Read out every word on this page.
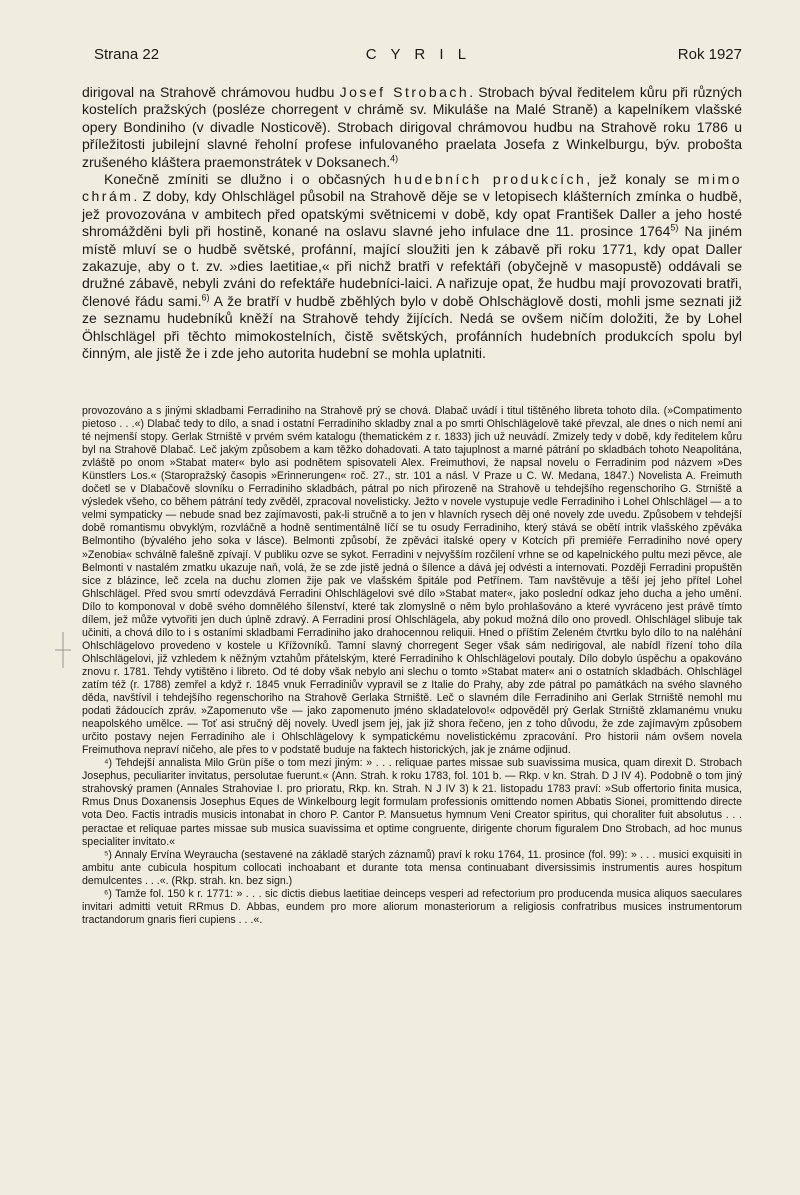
Strana 22	C Y R I L	Rok 1927

dirigoval na Strahově chrámovou hudbu Josef Strobach. Strobach býval ředitelem kůru při různých kostelích pražských (posléze chorregent v chrámě sv. Mikuláše na Malé Straně) a kapelníkem vlašské opery Bondiniho (v divadle Nosticově). Strobach dirigoval chrámovou hudbu na Strahově roku 1786 u příležitosti jubilejní slavné řeholní profese infulovaného praelata Josefa z Winkelburgu, býv. proboštа zrušeného kláštera praemonstrátek v Doksanech.$^{4)}$

Konečně zmíniti se dlužno i o občasných hudebních produkcích, jež konaly se mimo chrám. Z doby, kdy Ohlschlägel působil na Strahově děje se v letopisech klášterních zmínka o hudbě, jež provozována v ambitech před opatskými světnicemi v době, kdy opat František Daller a jeho hosté shromážděni byli při hostině, konané na oslavu slavné jeho infulace dne 11. prosince 1764$^{5)}$ Na jiném místě mluví se o hudbě světské, profánní, mající sloužiti jen k zábavě při roku 1771, kdy opat Daller zakazuje, aby o t. zv. »dies laetitiae,« při nichž bratři v refektáři (obyčejně v masopustě) oddávali se družné zábavě, nebyli zváni do refektáře hudebníci-laici. A nařizuje opat, že hudbu mají provozovati bratři, členové řádu sami.$^{6)}$ A že bratří v hudbě zběhlých bylo v době Ohlschäglově dosti, mohli jsme seznati již ze seznamu hudebníků kněží na Strahově tehdy žijících. Nedá se ovšem ničím doložiti, že by Lohel Öhlschlägel při těchto mimokostelních, čistě světských, profánních hudebních produkcích spolu byl činným, ale jistě že i zde jeho autorita hudební se mohla uplatniti.

provozováno a s jinými skladbami Ferradiniho na Strahově prý se chová. Dlabač uvádí i titul tištěného libreta tohoto díla. (»Compatimento pietoso . . .«) Dlabač tedy to dílo, a snad i ostatní Ferradiniho skladby znal a po smrti Ohlschlägelově také převzal, ale dnes o nich nemí ani té nejmenší stopy. Gerlak Strniště v prvém svém katalogu (thematickém z r. 1833) jich už neuvádí. Zmizely tedy v době, kdy ředitelem kůru byl na Strahově Dlabač. Leč jakým způsobem a kam těžko dohadovati. A tato tajuplnost a marné pátrání po skladbách tohoto Neapolitána, zvláště po onom »Stabat mater« bylo asi podnětem spisovateli Alex. Freimuthovi, že napsal novelu o Ferradinim pod názvem »Des Künstlers Los.« (Staropražský časopis »Erinnerungen« roč. 27., str. 101 a násl. V Praze u C. W. Medana, 1847.) Novelista A. Freimuth dočetl se v Dlabačově slovníku o Ferradiniho skladbách, pátral po nich přirozeně na Strahově u tehdejšího regenschoriho G. Strniště a výsledek všeho, co během pátrání tedy zvěděl, zpracoval novelisticky. Ježto v novele vystupuje vedle Ferradiniho i Lohel Ohlschlägel — a to velmi sympaticky — nebude snad bez zajímavosti, pak-li stručně a to jen v hlavních rysech děj oné novely zde uvedu. Způsobem v tehdejší době romantismu obvyklým, rozvláčně a hodně sentimentálně líčí se tu osudy Ferradiniho, který stává se obětí intrik vlašského zpěváka Belmontiho (bývalého jeho soka v lásce). Belmonti způsobí, že zpěváci italské opery v Kotcích při premiéře Ferradiniho nové opery »Zenobia« schválně falešně zpívají. V publiku ozve se sykot. Ferradini v nejvyšším rozčilení vrhne se od kapelnického pultu mezi pěvce, ale Belmonti v nastalém zmatku ukazuje naň, volá, že se zde jistě jedná o šílence a dává jej odvésti a internovati. Později Ferradini propuštěn sice z blázince, leč zcela na duchu zlomen žije pak ve vlašském špitále pod Petřínem. Tam navštěvuje a těší jej jeho přítel Lohel Ghlschlägel. Před svou smrtí odevzdává Ferradini Ohlschlägelovi své dílo »Stabat mater«, jako poslední odkaz jeho ducha a jeho umění. Dílo to komponoval v době svého domnělého šílenství, které tak zlomyslně o něm bylo prohlašováno a které vyvráceno jest právě tímto dílem, jež může vytvořiti jen duch úplně zdravý. A Ferradini prosí Ohlschlägela, aby pokud možná dílo ono provedl. Ohlschlägel slibuje tak učiniti, a chová dílo to i s ostaními skladbami Ferradiniho jako drahocennou reliquii. Hned o příštím Zeleném čtvrtku bylo dílo to na naléhání Ohlschlägelovo provedeno v kostele u Křížovníků. Tamní slavný chorregent Seger však sám nedirigoval, ale nabídl řízení toho díla Ohlschlägelovi, již vzhledem k něžným vztahům přátelským, které Ferradiniho k Ohlschlägelovi poutaly. Dílo dobylo úspěchu a opakováno znovu r. 1781. Tehdy vytištěno i libreto. Od té doby však nebylo ani slechu o tomto »Stabat mater« ani o ostatních skladbách. Ohlschlägel zatím též (r. 1788) zemřel a když r. 1845 vnuk Ferradiniův vypravil se z Italie do Prahy, aby zde pátral po památkách na svého slavného děda, navštívil i tehdejšího regenschoriho na Strahově Gerlaka Strniště. Leč o slavném díle Ferradiniho ani Gerlak Strniště nemohl mu podati žádoucích zpráv. »Zapomenuto vše — jako zapomenuto jméno skladatelovo!« odpověděl prý Gerlak Strniště zklamanému vnuku neapolského umělce. — Toť asi stručný děj novely. Uvedl jsem jej, jak již shora řečeno, jen z toho důvodu, že zde zajímavým způsobem určito postavy nejen Ferradiniho ale i Ohlschlägelovy k sympatickému novelistickému zpracování. Pro historii nám ovšem novela Freimuthova nepraví ničeho, ale přes to v podstatě buduje na faktech historických, jak je známe odjinud.

⁴) Tehdejší annalista Milo Grün píše o tom mezi jiným: » . . . reliquae partes missae sub suavissima musica, quam direxit D. Strobach Josephus, peculiariter invitatus, persolutae fuerunt.« (Ann. Strah. k roku 1783, fol. 101 b. — Rkp. v kn. Strah. D J IV 4). Podobně o tom jiný strahovský pramen (Annales Strahoviae I. pro prioratu, Rkp. kn. Strah. N J IV 3) k 21. listopadu 1783 praví: »Sub offertorio finita musica, Rmus Dnus Doxanensis Josephus Eques de Winkelbourg legit formulam professionis omittendo nomen Abbatis Sionei, promittendo directe vota Deo. Factis intradis musicis intonabat in choro P. Cantor P. Mansuetus hymnum Veni Creator spiritus, qui choraliter fuit absolutus . . . peractae et reliquae partes missae sub musica suavissima et optime congruente, dirigente chorum figuralem Dno Strobach, ad hoc munus specialiter invitato.«

⁵) Annaly Ervína Weyraucha (sestavené na základě starých záznamů) praví k roku 1764, 11. prosince (fol. 99): » . . . musici exquisiti in ambitu ante cubicula hospitum collocati inchoabant et durante tota mensa continuabant diversissimis instrumentis aures hospitum demulcentes . . .«. (Rkp. strah. kn. bez sign.)

⁶) Tamže fol. 150 k r. 1771: » . . . sic dictis diebus laetitiae deinceps vesperi ad refectorium pro producenda musica aliquos saeculares invitari admitti vetuit RRmus D. Abbas, eundem pro more aliorum monasteriorum a religiosis confratribus musices instrumentorum tractandorum gnaris fieri cupiens . . .«.
